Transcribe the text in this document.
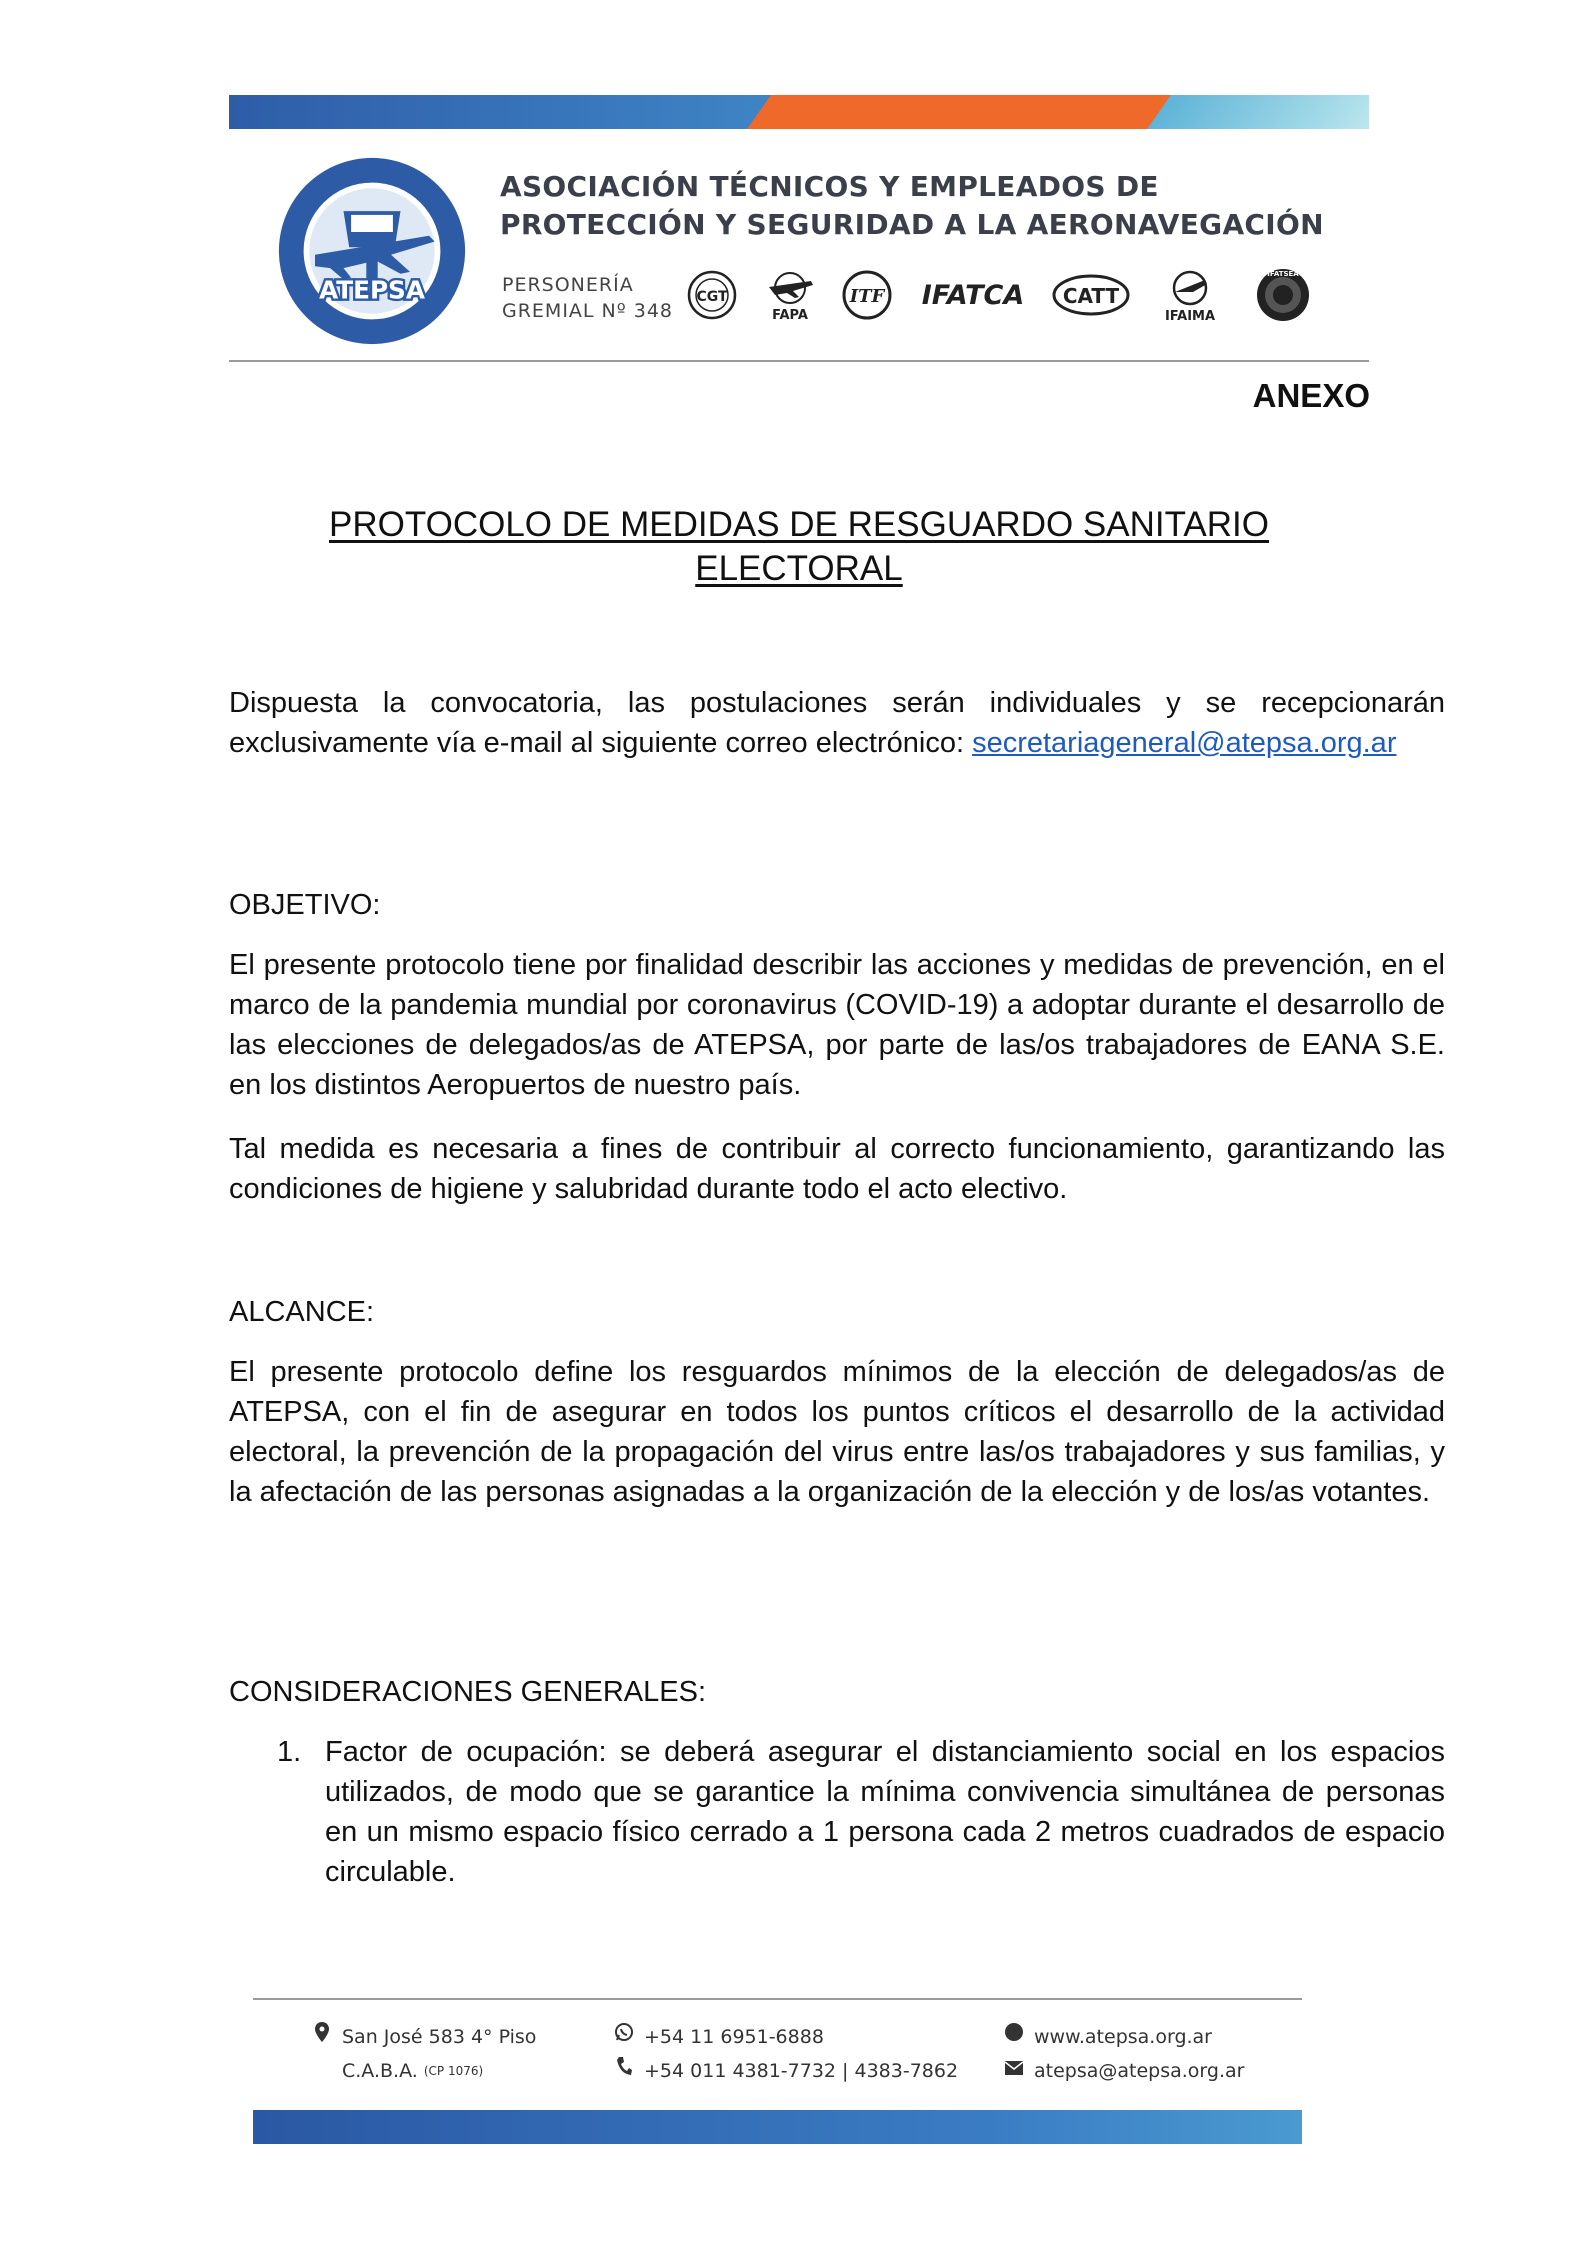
ATEPSA
ASOCIACIÓN TÉCNICOS Y EMPLEADOS DE
PROTECCIÓN Y SEGURIDAD A LA AERONAVEGACIÓN
PERSONERÍA
GREMIAL Nº 348
CGT
FAPA
ITF IFATCA CATT
IFAIMA
IFATSEA
ANEXO
PROTOCOLO DE MEDIDAS DE RESGUARDO SANITARIO
ELECTORAL

Dispuesta la convocatoria, las postulaciones serán individuales y se recepcionarán exclusivamente vía e-mail al siguiente correo electrónico: secretariageneral@atepsa.org.ar

OBJETIVO:

El presente protocolo tiene por finalidad describir las acciones y medidas de prevención, en el marco de la pandemia mundial por coronavirus (COVID-19) a adoptar durante el desarrollo de las elecciones de delegados/as de ATEPSA, por parte de las/os trabajadores de EANA S.E. en los distintos Aeropuertos de nuestro país.

Tal medida es necesaria a fines de contribuir al correcto funcionamiento, garantizando las condiciones de higiene y salubridad durante todo el acto electivo.

ALCANCE:

El presente protocolo define los resguardos mínimos de la elección de delegados/as de ATEPSA, con el fin de asegurar en todos los puntos críticos el desarrollo de la actividad electoral, la prevención de la propagación del virus entre las/os trabajadores y sus familias, y la afectación de las personas asignadas a la organización de la elección y de los/as votantes.

CONSIDERACIONES GENERALES:
1. Factor de ocupación: se deberá asegurar el distanciamiento social en los espacios utilizados, de modo que se garantice la mínima convivencia simultánea de personas en un mismo espacio físico cerrado a 1 persona cada 2 metros cuadrados de espacio circulable.
San José 583 4° Piso
C.A.B.A.
(CP 1076)
+54 11 6951-6888
+54 011 4381-7732 | 4383-7862
www.atepsa.org.ar
atepsa@atepsa.org.ar
